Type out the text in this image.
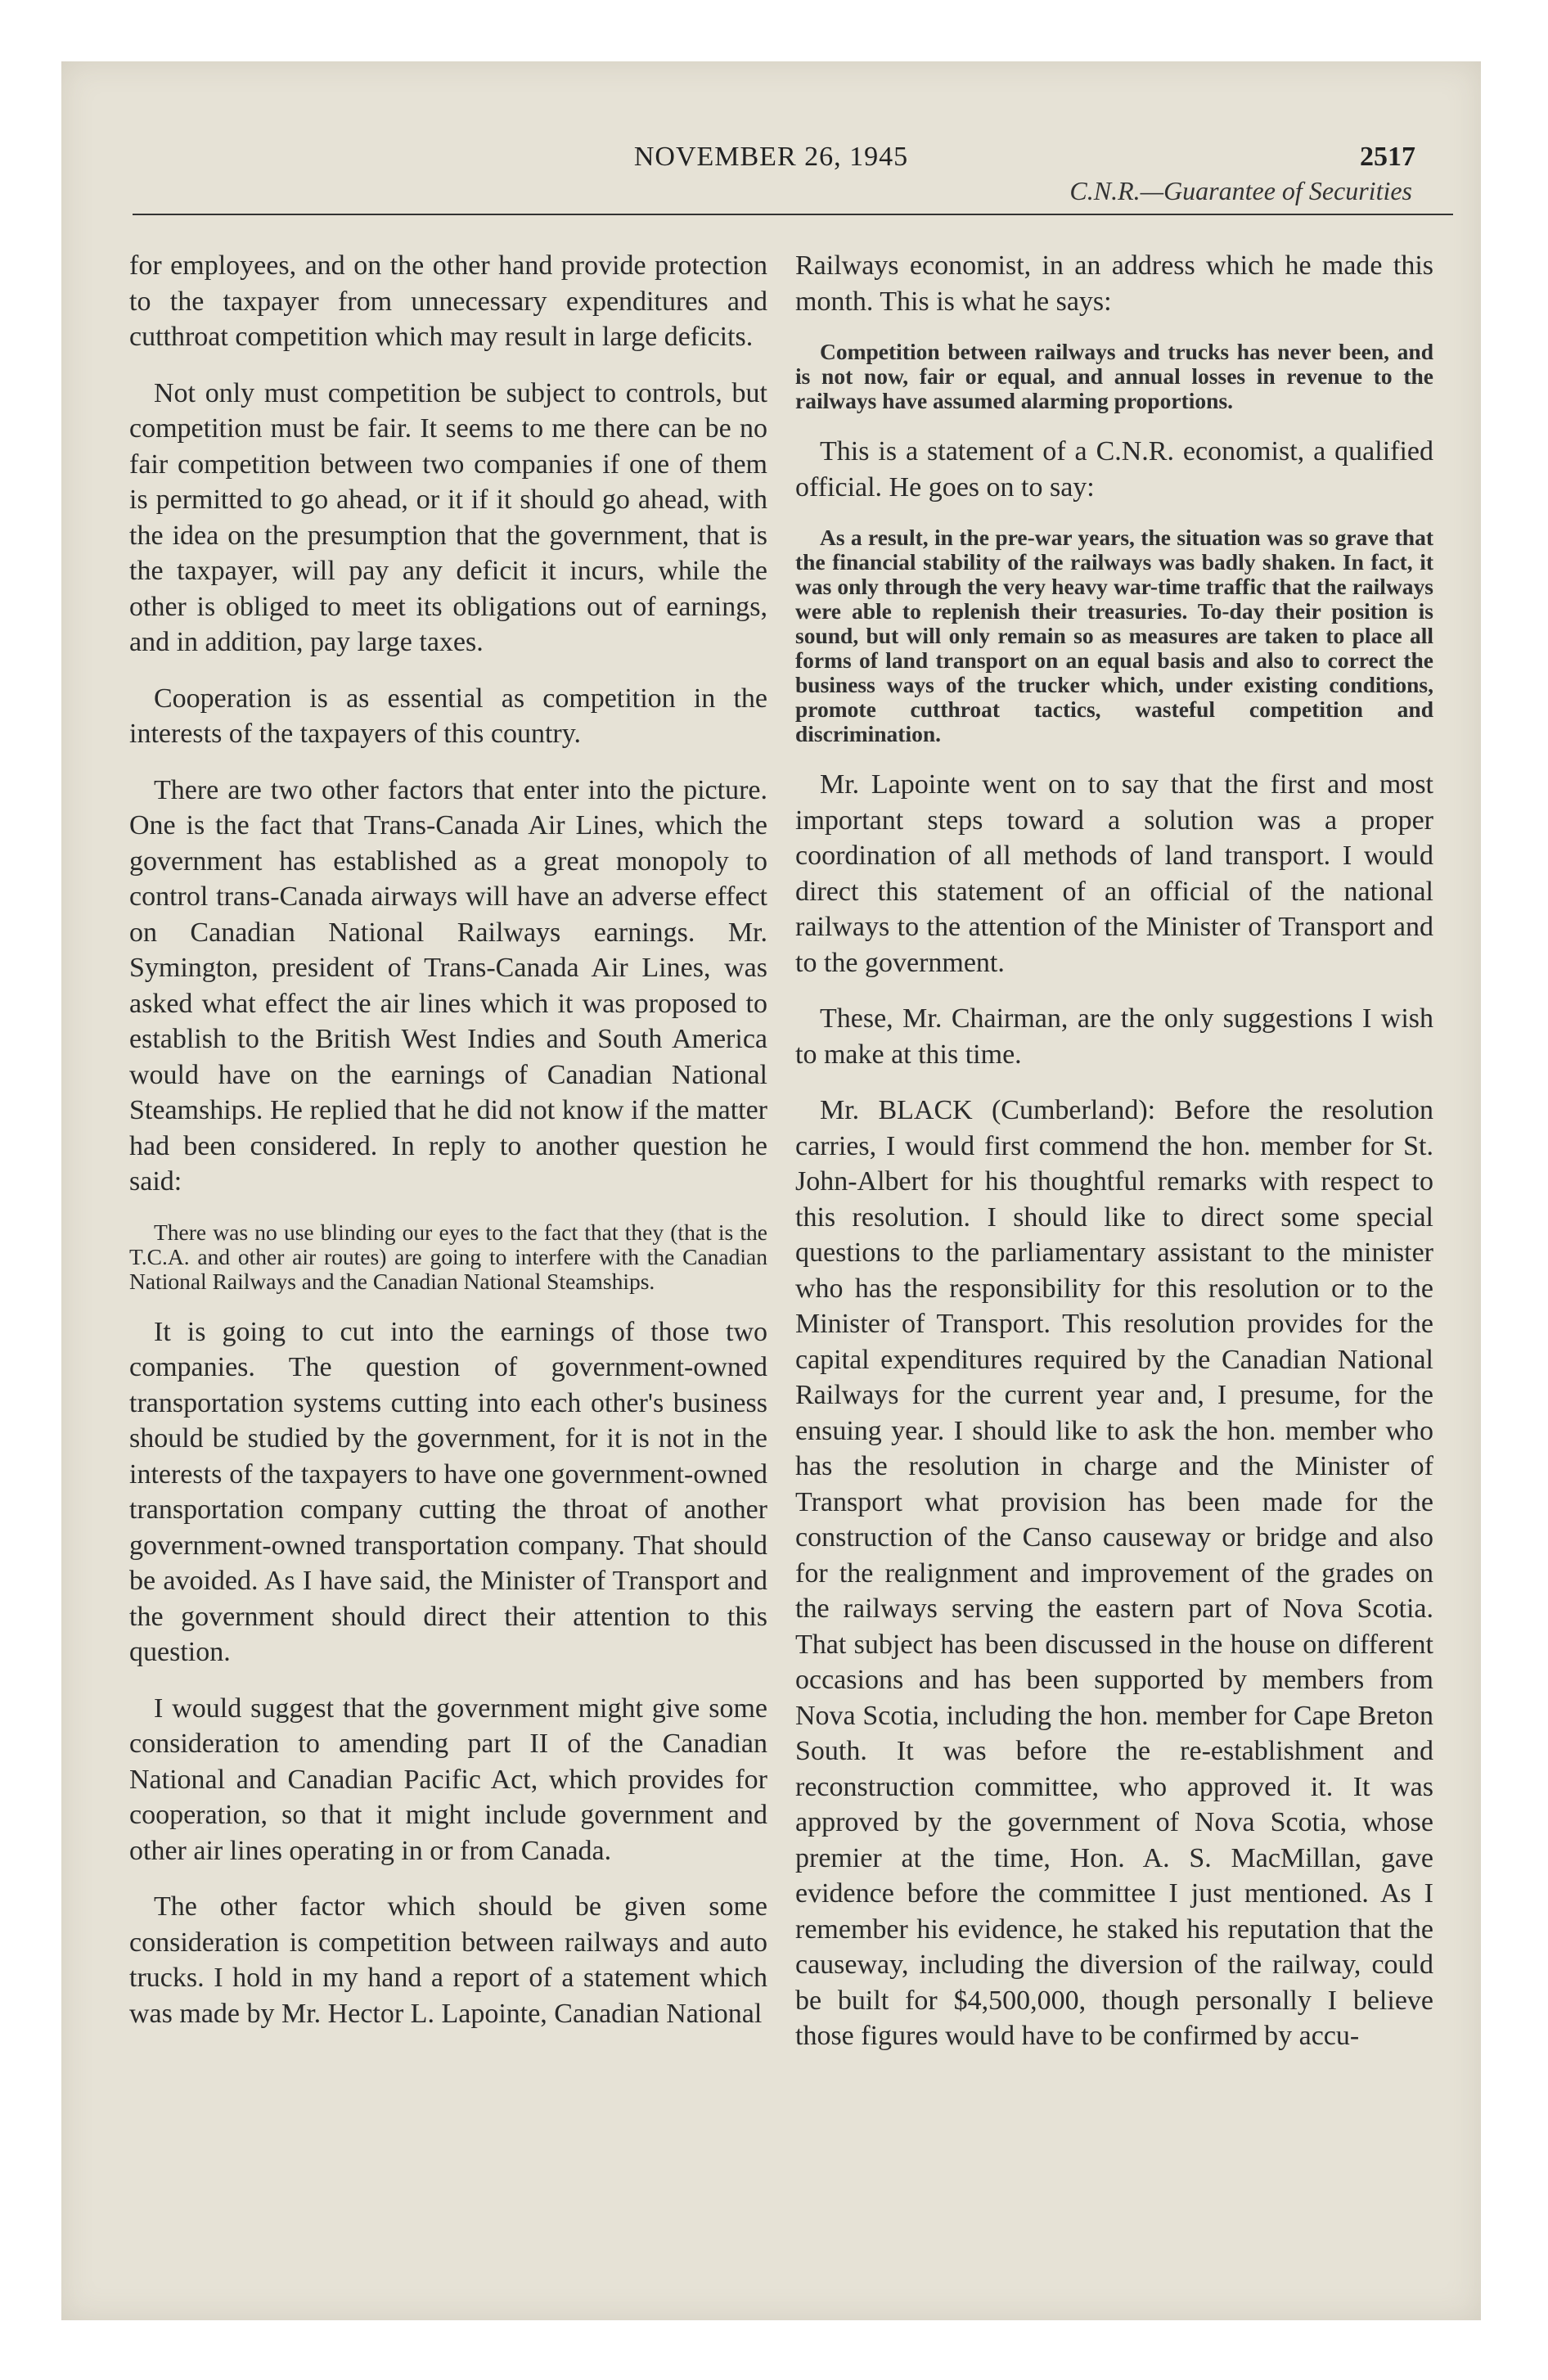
NOVEMBER 26, 1945	2517
C.N.R.—Guarantee of Securities

for employees, and on the other hand provide protection to the taxpayer from unnecessary expenditures and cutthroat competition which may result in large deficits.

Not only must competition be subject to controls, but competition must be fair. It seems to me there can be no fair competition between two companies if one of them is permitted to go ahead, or it if it should go ahead, with the idea on the presumption that the government, that is the taxpayer, will pay any deficit it incurs, while the other is obliged to meet its obligations out of earnings, and in addition, pay large taxes.

Cooperation is as essential as competition in the interests of the taxpayers of this country.

There are two other factors that enter into the picture. One is the fact that Trans-Canada Air Lines, which the government has established as a great monopoly to control trans-Canada airways will have an adverse effect on Canadian National Railways earnings. Mr. Symington, president of Trans-Canada Air Lines, was asked what effect the air lines which it was proposed to establish to the British West Indies and South America would have on the earnings of Canadian National Steamships. He replied that he did not know if the matter had been considered. In reply to another question he said:

There was no use blinding our eyes to the fact that they (that is the T.C.A. and other air routes) are going to interfere with the Canadian National Railways and the Canadian National Steamships.

It is going to cut into the earnings of those two companies. The question of government-owned transportation systems cutting into each other's business should be studied by the government, for it is not in the interests of the taxpayers to have one government-owned transportation company cutting the throat of another government-owned transportation company. That should be avoided. As I have said, the Minister of Transport and the government should direct their attention to this question.

I would suggest that the government might give some consideration to amending part II of the Canadian National and Canadian Pacific Act, which provides for cooperation, so that it might include government and other air lines operating in or from Canada.

The other factor which should be given some consideration is competition between railways and auto trucks. I hold in my hand a report of a statement which was made by Mr. Hector L. Lapointe, Canadian National

Railways economist, in an address which he made this month. This is what he says:

Competition between railways and trucks has never been, and is not now, fair or equal, and annual losses in revenue to the railways have assumed alarming proportions.

This is a statement of a C.N.R. economist, a qualified official. He goes on to say:

As a result, in the pre-war years, the situation was so grave that the financial stability of the railways was badly shaken. In fact, it was only through the very heavy war-time traffic that the railways were able to replenish their treasuries. To-day their position is sound, but will only remain so as measures are taken to place all forms of land transport on an equal basis and also to correct the business ways of the trucker which, under existing conditions, promote cutthroat tactics, wasteful competition and discrimination.

Mr. Lapointe went on to say that the first and most important steps toward a solution was a proper coordination of all methods of land transport. I would direct this statement of an official of the national railways to the attention of the Minister of Transport and to the government.

These, Mr. Chairman, are the only suggestions I wish to make at this time.

Mr. BLACK (Cumberland): Before the resolution carries, I would first commend the hon. member for St. John-Albert for his thoughtful remarks with respect to this resolution. I should like to direct some special questions to the parliamentary assistant to the minister who has the responsibility for this resolution or to the Minister of Transport. This resolution provides for the capital expenditures required by the Canadian National Railways for the current year and, I presume, for the ensuing year. I should like to ask the hon. member who has the resolution in charge and the Minister of Transport what provision has been made for the construction of the Canso causeway or bridge and also for the realignment and improvement of the grades on the railways serving the eastern part of Nova Scotia. That subject has been discussed in the house on different occasions and has been supported by members from Nova Scotia, including the hon. member for Cape Breton South. It was before the re-establishment and reconstruction committee, who approved it. It was approved by the government of Nova Scotia, whose premier at the time, Hon. A. S. MacMillan, gave evidence before the committee I just mentioned. As I remember his evidence, he staked his reputation that the causeway, including the diversion of the railway, could be built for $4,500,000, though personally I believe those figures would have to be confirmed by accu-
